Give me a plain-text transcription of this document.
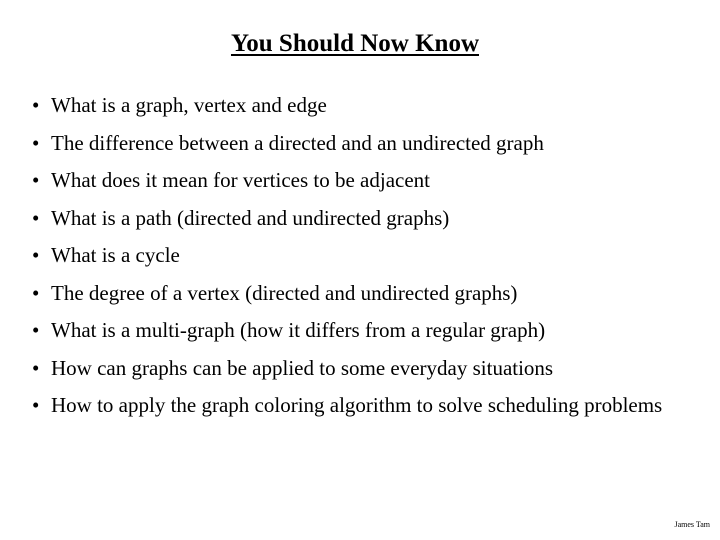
You Should Now Know
• What is a graph, vertex and edge
• The difference between a directed and an undirected graph
• What does it mean for vertices to be adjacent
• What is a path (directed and undirected graphs)
• What is a cycle
• The degree of a vertex (directed and undirected graphs)
• What is a multi-graph (how it differs from a regular graph)
• How can graphs can be applied to some everyday situations
• How to apply the graph coloring algorithm to solve scheduling problems
James Tam
